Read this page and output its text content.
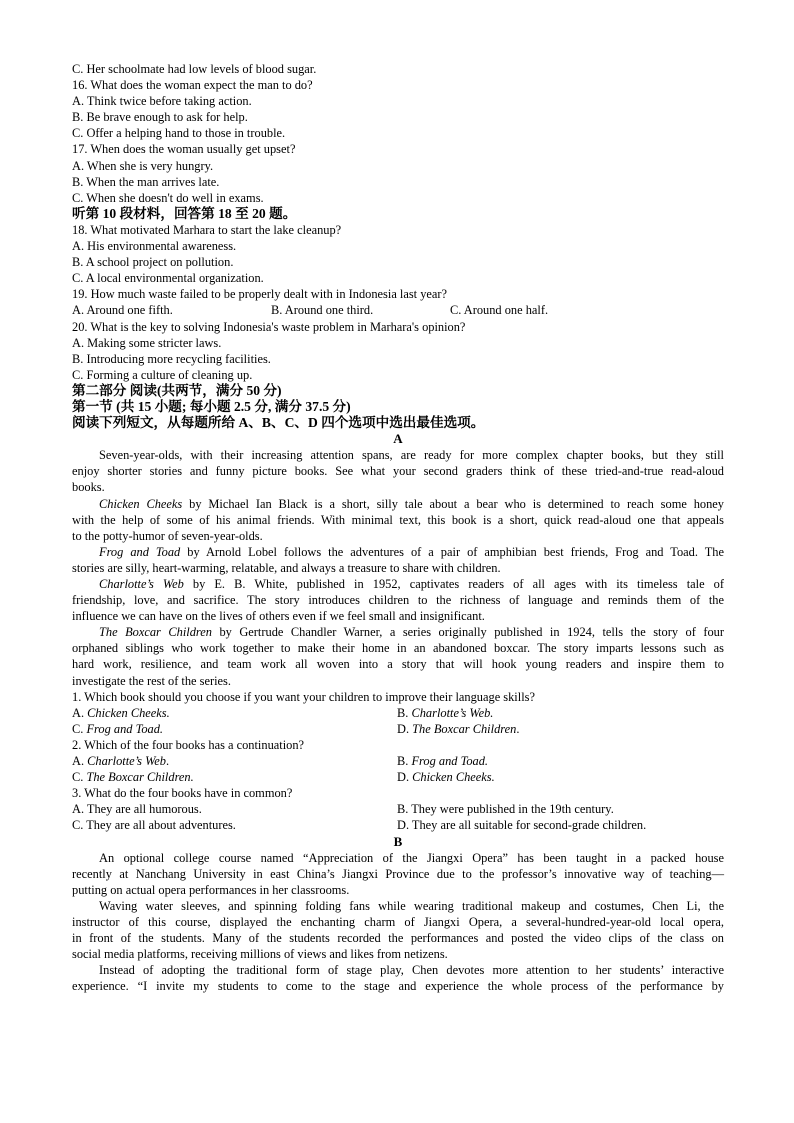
C. Her schoolmate had low levels of blood sugar.
16. What does the woman expect the man to do?
A. Think twice before taking action.
B. Be brave enough to ask for help.
C. Offer a helping hand to those in trouble.
17. When does the woman usually get upset?
A. When she is very hungry.
B. When the man arrives late.
C. When she doesn't do well in exams.
听第 10 段材料，回答第 18 至 20 题。
18. What motivated Marhara to start the lake cleanup?
A. His environmental awareness.
B. A school project on pollution.
C. A local environmental organization.
19. How much waste failed to be properly dealt with in Indonesia last year?
A. Around one fifth.	B. Around one third.	C. Around one half.
20. What is the key to solving Indonesia's waste problem in Marhara's opinion?
A. Making some stricter laws.
B. Introducing more recycling facilities.
C. Forming a culture of cleaning up.
第二部分 阅读(共两节，满分 50 分)
第一节 (共 15 小题; 每小题 2.5 分, 满分 37.5 分)
阅读下列短文，从每题所给 A、B、C、D 四个选项中选出最佳选项。
A
Seven-year-olds, with their increasing attention spans, are ready for more complex chapter books, but they still
enjoy shorter stories and funny picture books. See what your second graders think of these tried-and-true read-aloud
books.
Chicken Cheeks by Michael Ian Black is a short, silly tale about a bear who is determined to reach some honey
with the help of some of his animal friends. With minimal text, this book is a short, quick read-aloud one that appeals
to the potty-humor of seven-year-olds.
Frog and Toad by Arnold Lobel follows the adventures of a pair of amphibian best friends, Frog and Toad. The
stories are silly, heart-warming, relatable, and always a treasure to share with children.
Charlotte’s Web by E. B. White, published in 1952, captivates readers of all ages with its timeless tale of
friendship, love, and sacrifice. The story introduces children to the richness of language and reminds them of the
influence we can have on the lives of others even if we feel small and insignificant.
The Boxcar Children by Gertrude Chandler Warner, a series originally published in 1924, tells the story of four
orphaned siblings who work together to make their home in an abandoned boxcar. The story imparts lessons such as
hard work, resilience, and team work all woven into a story that will hook young readers and inspire them to
investigate the rest of the series.
1. Which book should you choose if you want your children to improve their language skills?
A. Chicken Cheeks.	B. Charlotte’s Web.
C. Frog and Toad.	D. The Boxcar Children.
2. Which of the four books has a continuation?
A. Charlotte’s Web.	B. Frog and Toad.
C. The Boxcar Children.	D. Chicken Cheeks.
3. What do the four books have in common?
A. They are all humorous.	B. They were published in the 19th century.
C. They are all about adventures.	D. They are all suitable for second-grade children.
B
An optional college course named “Appreciation of the Jiangxi Opera” has been taught in a packed house
recently at Nanchang University in east China’s Jiangxi Province due to the professor’s innovative way of teaching—
putting on actual opera performances in her classrooms.
Waving water sleeves, and spinning folding fans while wearing traditional makeup and costumes, Chen Li, the
instructor of this course, displayed the enchanting charm of Jiangxi Opera, a several-hundred-year-old local opera,
in front of the students. Many of the students recorded the performances and posted the video clips of the class on
social media platforms, receiving millions of views and likes from netizens.
Instead of adopting the traditional form of stage play, Chen devotes more attention to her students’ interactive
experience. “I invite my students to come to the stage and experience the whole process of the performance by
